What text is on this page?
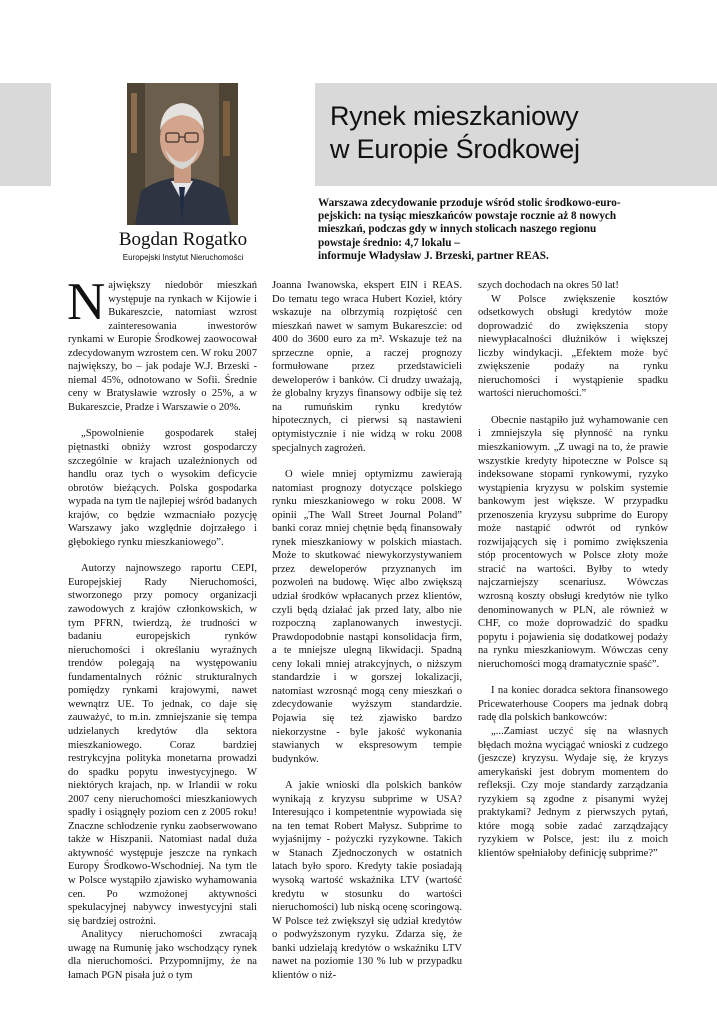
Rynek mieszkaniowy
w Europie Środkowej
Bogdan Rogatko
Europejski Instytut Nieruchomości
Warszawa zdecydowanie przoduje wśród stolic środkowo-euro-
pejskich: na tysiąc mieszkańców powstaje rocznie aż 8 nowych
mieszkań, podczas gdy w innych stolicach naszego regionu
powstaje średnio: 4,7 lokalu –
informuje Władysław J. Brzeski, partner REAS.

Największy niedobór mieszkań występuje na rynkach w Kijowie i Bukareszcie, natomiast wzrost zainteresowania inwestorów rynkami w Europie Środkowej zaowocował zdecydowanym wzrostem cen. W roku 2007 największy, bo – jak podaje W.J. Brzeski - niemal 45%, odnotowano w Sofii. Średnie ceny w Bratysławie wzrosły o 25%, a w Bukareszcie, Pradze i Warszawie o 20%.

„Spowolnienie gospodarek stałej piętnastki obniży wzrost gospodarczy szczególnie w krajach uzależnionych od handlu oraz tych o wysokim deficycie obrotów bieżących. Polska gospodarka wypada na tym tle najlepiej wśród badanych krajów, co będzie wzmacniało pozycję Warszawy jako względnie dojrzałego i głębokiego rynku mieszkaniowego”.

Autorzy najnowszego raportu CEPI, Europejskiej Rady Nieruchomości, stworzonego przy pomocy organizacji zawodowych z krajów członkowskich, w tym PFRN, twierdzą, że trudności w badaniu europejskich rynków nieruchomości i określaniu wyraźnych trendów polegają na występowaniu fundamentalnych różnic strukturalnych pomiędzy rynkami krajowymi, nawet wewnątrz UE. To jednak, co daje się zauważyć, to m.in. zmniejszanie się tempa udzielanych kredytów dla sektora mieszkaniowego. Coraz bardziej restrykcyjna polityka monetarna prowadzi do spadku popytu inwestycyjnego. W niektórych krajach, np. w Irlandii w roku 2007 ceny nieruchomości mieszkaniowych spadły i osiągnęły poziom cen z 2005 roku! Znaczne schłodzenie rynku zaobserwowano także w Hiszpanii. Natomiast nadal duża aktywność występuje jeszcze na rynkach Europy Środkowo-Wschodniej. Na tym tle w Polsce wystąpiło zjawisko wyhamowania cen. Po wzmożonej aktywności spekulacyjnej nabywcy inwestycyjni stali się bardziej ostrożni.

Analitycy nieruchomości zwracają uwagę na Rumunię jako wschodzący rynek dla nieruchomości. Przypomnijmy, że na łamach PGN pisała już o tym

Joanna Iwanowska, ekspert EIN i REAS. Do tematu tego wraca Hubert Kozieł, który wskazuje na olbrzymią rozpiętość cen mieszkań nawet w samym Bukareszcie: od 400 do 3600 euro za m². Wskazuje też na sprzeczne opnie, a raczej prognozy formułowane przez przedstawicieli deweloperów i banków. Ci drudzy uważają, że globalny kryzys finansowy odbije się też na rumuńskim rynku kredytów hipotecznych, ci pierwsi są nastawieni optymistycznie i nie widzą w roku 2008 specjalnych zagrożeń.

O wiele mniej optymizmu zawierają natomiast prognozy dotyczące polskiego rynku mieszkaniowego w roku 2008. W opinii „The Wall Street Journal Poland” banki coraz mniej chętnie będą finansowały rynek mieszkaniowy w polskich miastach. Może to skutkować niewykorzystywaniem przez deweloperów przyznanych im pozwoleń na budowę. Więc albo zwiększą udział środków wpłacanych przez klientów, czyli będą działać jak przed laty, albo nie rozpoczną zaplanowanych inwestycji. Prawdopodobnie nastąpi konsolidacja firm, a te mniejsze ulegną likwidacji. Spadną ceny lokali mniej atrakcyjnych, o niższym standardzie i w gorszej lokalizacji, natomiast wzrosnąć mogą ceny mieszkań o zdecydowanie wyższym standardzie. Pojawia się też zjawisko bardzo niekorzystne - byle jakość wykonania stawianych w ekspresowym tempie budynków.

A jakie wnioski dla polskich banków wynikają z kryzysu subprime w USA? Interesująco i kompetentnie wypowiada się na ten temat Robert Małysz. Subprime to wyjaśnijmy - pożyczki ryzykowne. Takich w Stanach Zjednoczonych w ostatnich latach było sporo. Kredyty takie posiadają wysoką wartość wskaźnika LTV (wartość kredytu w stosunku do wartości nieruchomości) lub niską ocenę scoringową. W Polsce też zwiększył się udział kredytów o podwyższonym ryzyku. Zdarza się, że banki udzielają kredytów o wskaźniku LTV nawet na poziomie 130 % lub w przypadku klientów o niż-

szych dochodach na okres 50 lat!

W Polsce zwiększenie kosztów odsetkowych obsługi kredytów może doprowadzić do zwiększenia stopy niewypłacalności dłużników i większej liczby windykacji. „Efektem może być zwiększenie podaży na rynku nieruchomości i wystąpienie spadku wartości nieruchomości.”

Obecnie nastąpiło już wyhamowanie cen i zmniejszyła się płynność na rynku mieszkaniowym. „Z uwagi na to, że prawie wszystkie kredyty hipoteczne w Polsce są indeksowane stopami rynkowymi, ryzyko wystąpienia kryzysu w polskim systemie bankowym jest większe. W przypadku przenoszenia kryzysu subprime do Europy może nastąpić odwrót od rynków rozwijających się i pomimo zwiększenia stóp procentowych w Polsce złoty może stracić na wartości. Byłby to wtedy najczarniejszy scenariusz. Wówczas wzrosną koszty obsługi kredytów nie tylko denominowanych w PLN, ale również w CHF, co może doprowadzić do spadku popytu i pojawienia się dodatkowej podaży na rynku mieszkaniowym. Wówczas ceny nieruchomości mogą dramatycznie spaść”.

I na koniec doradca sektora finansowego Pricewaterhouse Coopers ma jednak dobrą radę dla polskich bankowców:

„...Zamiast uczyć się na własnych błędach można wyciągać wnioski z cudzego (jeszcze) kryzysu. Wydaje się, że kryzys amerykański jest dobrym momentem do refleksji. Czy moje standardy zarządzania ryzykiem są zgodne z pisanymi wyżej praktykami? Jednym z pierwszych pytań, które mogą sobie zadać zarządzający ryzykiem w Polsce, jest: ilu z moich klientów spełniałoby definicję subprime?”
